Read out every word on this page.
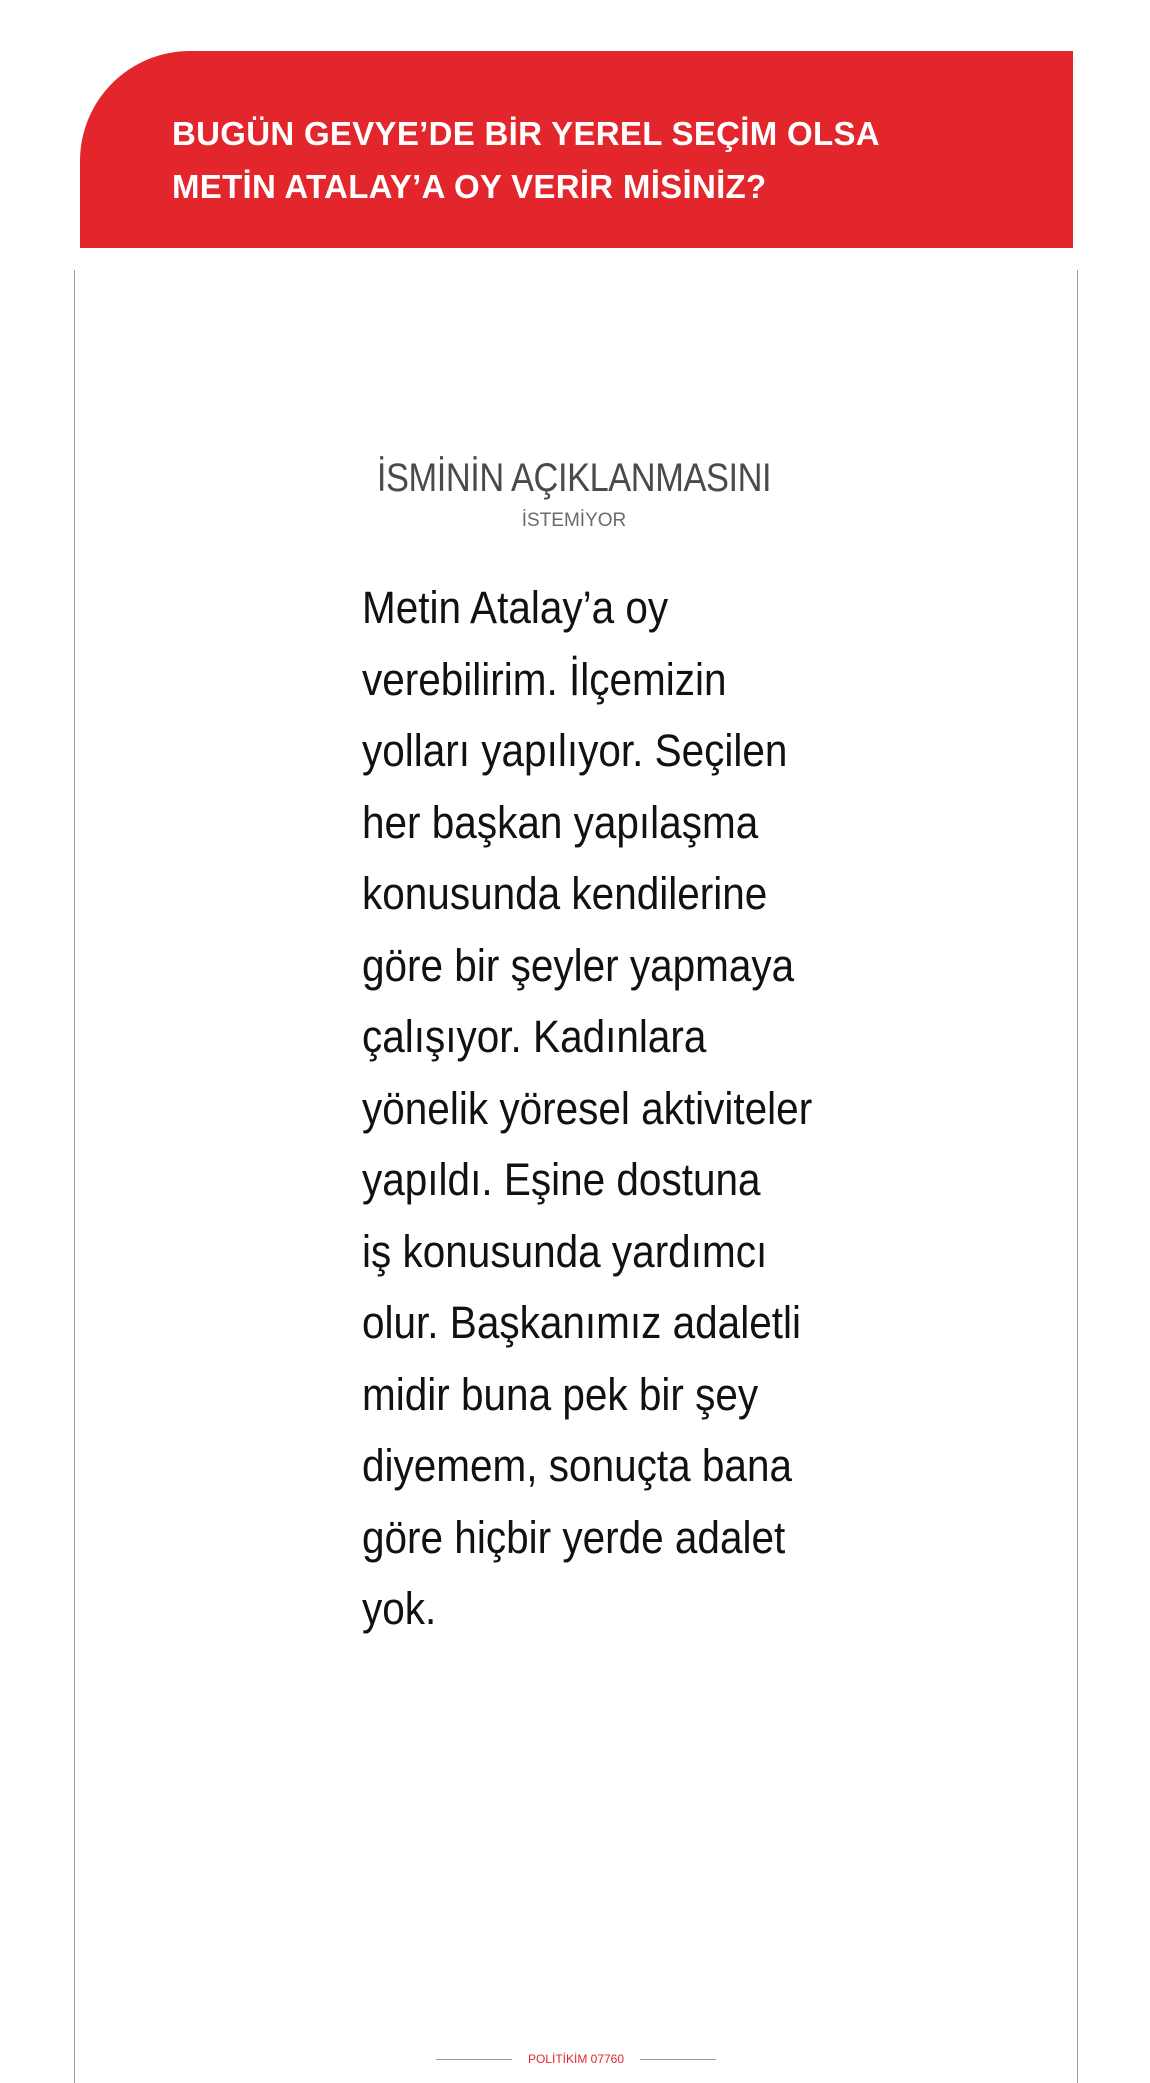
BUGÜN GEVYE’DE BİR YEREL SEÇİM OLSA
METİN ATALAY’A OY VERİR MİSİNİZ?
İSMİNİN AÇIKLANMASINI
İSTEMİYOR

Metin Atalay’a oy
verebilirim. İlçemizin
yolları yapılıyor. Seçilen
her başkan yapılaşma
konusunda kendilerine
göre bir şeyler yapmaya
çalışıyor. Kadınlara
yönelik yöresel aktiviteler
yapıldı. Eşine dostuna
iş konusunda yardımcı
olur. Başkanımız adaletli
midir buna pek bir şey
diyemem, sonuçta bana
göre hiçbir yerde adalet
yok.

POLİTİKİM 07760
